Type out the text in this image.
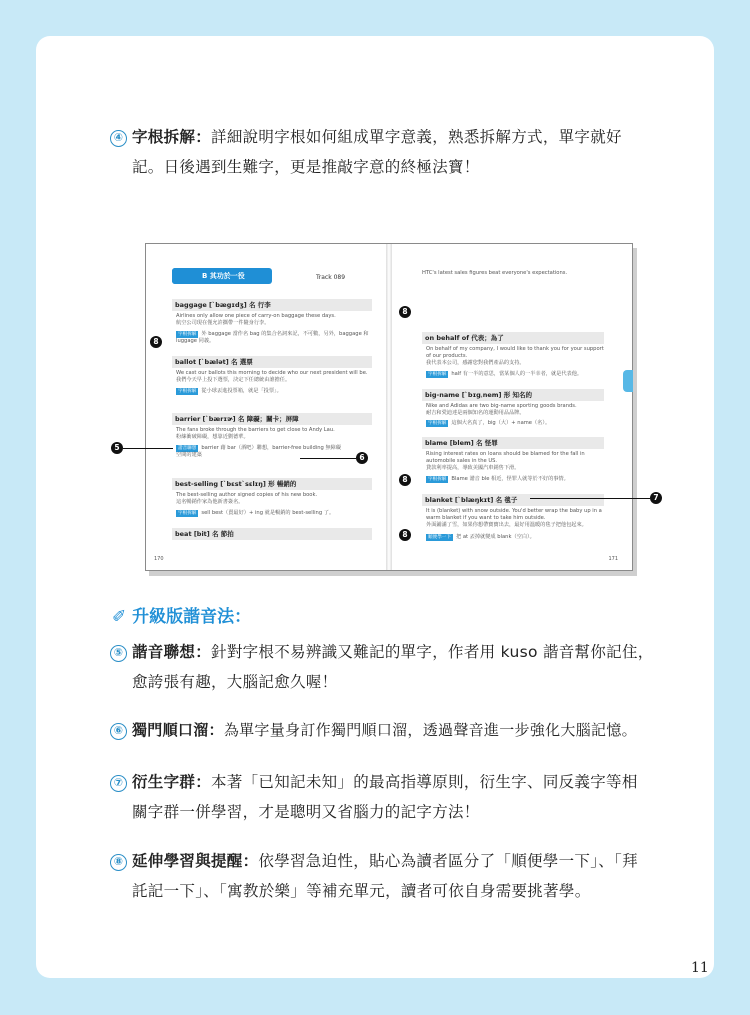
④ 字根拆解：詳細說明字根如何組成單字意義，熟悉拆解方式，單字就好
記。日後遇到生難字，更是推敲字意的終極法寶！
B 其功於一役	Track 089
baggage [ˋbægɪdʒ] 名 行李
Airlines only allow one piece of carry-on baggage these days.
航空公司現在僅允許攜帶一件隨身行李。
字根拆解 外 baggage 當作名 bag 的集合名詞來記，不可數，另外，baggage 和 luggage 同義。
ballot [ˋbælət] 名 選票
We cast our ballots this morning to decide who our next president will be.
我們今天早上投下選票，決定下任總統由誰擔任。
字根拆解 從小球丟進投票箱，就是「投票」。
barrier [ˋbærɪɚ] 名 障礙；關卡；屏障
The fans broke through the barriers to get close to Andy Lau.
粉絲衝破障礙，想靠近劉德華。
諧音聯想 barrier 藉 bar（酒吧）聯想，barrier-free building 無障礙空間的建築
best-selling [ˋbɛstˋsɛlɪŋ] 形 暢銷的
The best-selling author signed copies of his new book.
這名暢銷作家為他新書簽名。
字根拆解 sell best（賣最好）+ ing 就是暢銷的 best-selling 了。
beat [bit] 名 節拍
HTC's latest sales figures beat everyone's expectations.
on behalf of 代表；為了
On behalf of my company, I would like to thank you for your support of our products.
我代表本公司，感謝您對我們產品的支持。
字根拆解 half 有一半的意思，當某個人的一半幸者，就是代表他。
big-name [ˋbɪgˌnem] 形 知名的
Nike and Adidas are two big-name sporting goods brands.
耐吉和愛迪達是兩個知名的運動用品品牌。
字根拆解 這個大名真了，big（大）+ name（名）。
blame [blem] 名 怪罪
Rising interest rates on loans should be blamed for the fall in automobile sales in the US.
貸款利率提高，導致美國汽車銷售下滑。
字根拆解 Blame 諧音 ble 相近，怪罪人就等於不好的事情。
blanket [ˋblæŋkɪt] 名 毯子
It is (blanket) with snow outside. You'd better wrap the baby up in a warm blanket if you want to take him outside.
外面鋪滿了雪，如果你想帶寶寶出去，最好用溫暖的毯子把他包起來。
順便學一下 把 at 丟掉就變成 blank（空白）。
170	171
8
5
6
8
8
8
7
✐ 升級版諧音法：
⑤ 諧音聯想：針對字根不易辨識又難記的單字，作者用 kuso 諧音幫你記住，
愈誇張有趣，大腦記愈久喔！
⑥ 獨門順口溜：為單字量身訂作獨門順口溜，透過聲音進一步強化大腦記憶。
⑦ 衍生字群：本著「已知記未知」的最高指導原則，衍生字、同反義字等相
關字群一併學習，才是聰明又省腦力的記字方法！
⑧ 延伸學習與提醒：依學習急迫性，貼心為讀者區分了「順便學一下」、「拜
託記一下」、「寓教於樂」等補充單元，讀者可依自身需要挑著學。
11
